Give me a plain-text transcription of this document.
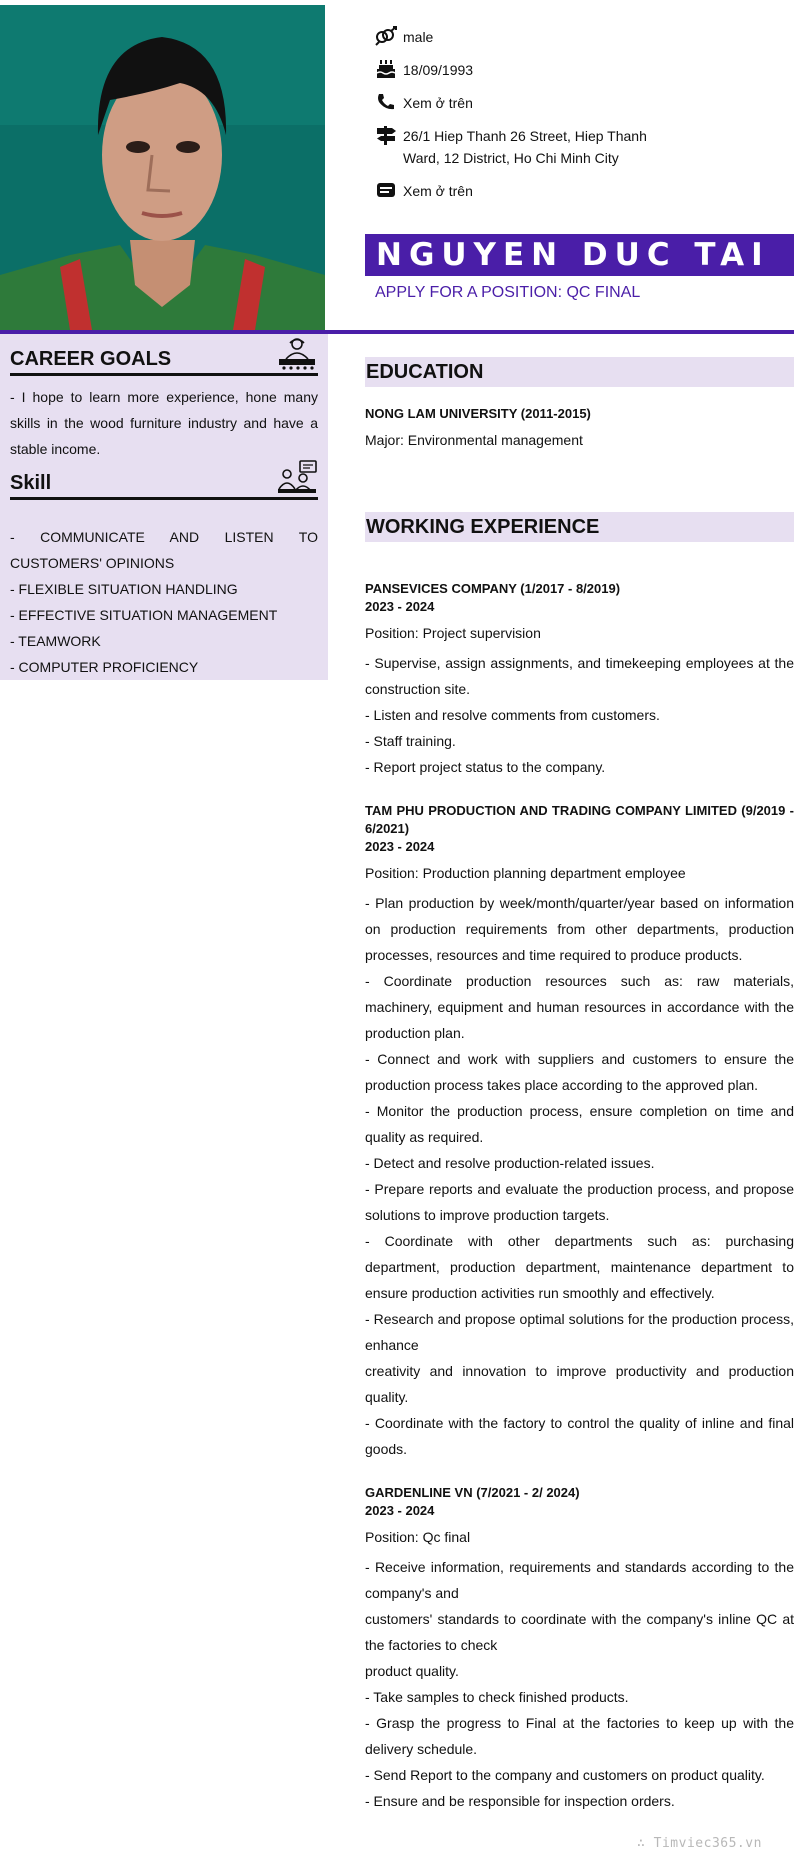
male
18/09/1993
Xem ở trên
26/1 Hiep Thanh 26 Street, Hiep Thanh Ward, 12 District, Ho Chi Minh City
Xem ở trên
NGUYEN DUC TAI
APPLY FOR A POSITION: QC FINAL
CAREER GOALS

- I hope to learn more experience, hone many skills in the wood furniture industry and have a stable income.

Skill
- COMMUNICATE AND LISTEN TO CUSTOMERS' OPINIONS
- FLEXIBLE SITUATION HANDLING
- EFFECTIVE SITUATION MANAGEMENT
- TEAMWORK
- COMPUTER PROFICIENCY
EDUCATION
NONG LAM UNIVERSITY (2011-2015)
Major: Environmental management
WORKING EXPERIENCE
PANSEVICES COMPANY (1/2017 - 8/2019)
2023 - 2024
Position: Project supervision
- Supervise, assign assignments, and timekeeping employees at the construction site.
- Listen and resolve comments from customers.
- Staff training.
- Report project status to the company.
TAM PHU PRODUCTION AND TRADING COMPANY LIMITED (9/2019 - 6/2021)
2023 - 2024
Position: Production planning department employee
- Plan production by week/month/quarter/year based on information on production requirements from other departments, production processes, resources and time required to produce products.
- Coordinate production resources such as: raw materials, machinery, equipment and human resources in accordance with the production plan.
- Connect and work with suppliers and customers to ensure the production process takes place according to the approved plan.
- Monitor the production process, ensure completion on time and quality as required.
- Detect and resolve production-related issues.
- Prepare reports and evaluate the production process, and propose solutions to improve production targets.
- Coordinate with other departments such as: purchasing department, production department, maintenance department to ensure production activities run smoothly and effectively.
- Research and propose optimal solutions for the production process, enhance
creativity and innovation to improve productivity and production quality.
- Coordinate with the factory to control the quality of inline and final goods.
GARDENLINE VN (7/2021 - 2/ 2024)
2023 - 2024
Position: Qc final
- Receive information, requirements and standards according to the company's and
customers' standards to coordinate with the company's inline QC at the factories to check
product quality.
- Take samples to check finished products.
- Grasp the progress to Final at the factories to keep up with the delivery schedule.
- Send Report to the company and customers on product quality.
- Ensure and be responsible for inspection orders.
∴ Timviec365.vn
